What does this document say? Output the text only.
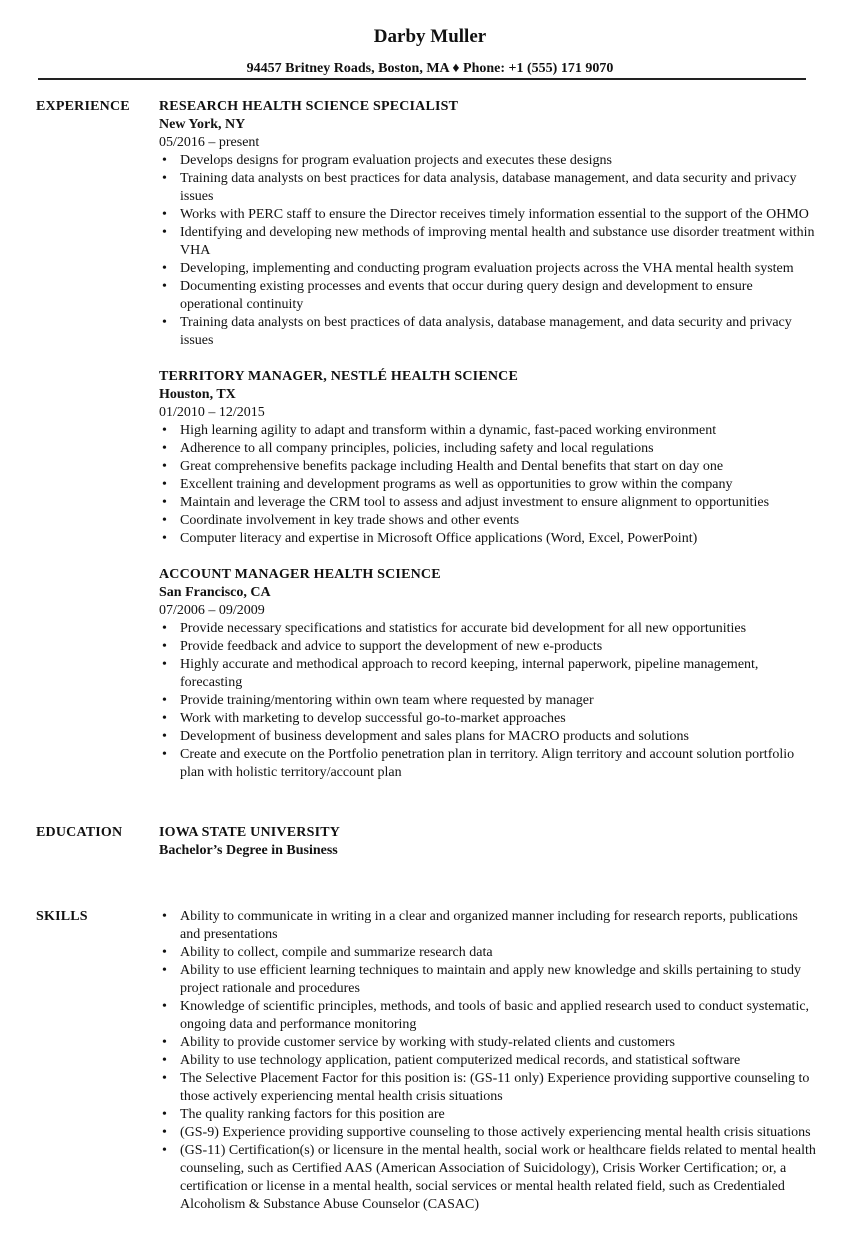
Darby Muller
94457 Britney Roads, Boston, MA ♦ Phone: +1 (555) 171 9070
EXPERIENCE	RESEARCH HEALTH SCIENCE SPECIALIST
New York, NY
05/2016 – present
• Develops designs for program evaluation projects and executes these designs
• Training data analysts on best practices for data analysis, database management, and data security and privacy issues
• Works with PERC staff to ensure the Director receives timely information essential to the support of the OHMO
• Identifying and developing new methods of improving mental health and substance use disorder treatment within VHA
• Developing, implementing and conducting program evaluation projects across the VHA mental health system
• Documenting existing processes and events that occur during query design and development to ensure operational continuity
• Training data analysts on best practices of data analysis, database management, and data security and privacy issues
TERRITORY MANAGER, NESTLÉ HEALTH SCIENCE
Houston, TX
01/2010 – 12/2015
• High learning agility to adapt and transform within a dynamic, fast-paced working environment
• Adherence to all company principles, policies, including safety and local regulations
• Great comprehensive benefits package including Health and Dental benefits that start on day one
• Excellent training and development programs as well as opportunities to grow within the company
• Maintain and leverage the CRM tool to assess and adjust investment to ensure alignment to opportunities
• Coordinate involvement in key trade shows and other events
• Computer literacy and expertise in Microsoft Office applications (Word, Excel, PowerPoint)
ACCOUNT MANAGER HEALTH SCIENCE
San Francisco, CA
07/2006 – 09/2009
• Provide necessary specifications and statistics for accurate bid development for all new opportunities
• Provide feedback and advice to support the development of new e-products
• Highly accurate and methodical approach to record keeping, internal paperwork, pipeline management, forecasting
• Provide training/mentoring within own team where requested by manager
• Work with marketing to develop successful go-to-market approaches
• Development of business development and sales plans for MACRO products and solutions
• Create and execute on the Portfolio penetration plan in territory. Align territory and account solution portfolio plan with holistic territory/account plan
EDUCATION	IOWA STATE UNIVERSITY
Bachelor’s Degree in Business
SKILLS
•	Ability to communicate in writing in a clear and organized manner including for research reports, publications and presentations
• Ability to collect, compile and summarize research data
• Ability to use efficient learning techniques to maintain and apply new knowledge and skills pertaining to study project rationale and procedures
• Knowledge of scientific principles, methods, and tools of basic and applied research used to conduct systematic, ongoing data and performance monitoring
• Ability to provide customer service by working with study-related clients and customers
• Ability to use technology application, patient computerized medical records, and statistical software
• The Selective Placement Factor for this position is: (GS-11 only) Experience providing supportive counseling to those actively experiencing mental health crisis situations
• The quality ranking factors for this position are
• (GS-9) Experience providing supportive counseling to those actively experiencing mental health crisis situations
• (GS-11) Certification(s) or licensure in the mental health, social work or healthcare fields related to mental health counseling, such as Certified AAS (American Association of Suicidology), Crisis Worker Certification; or, a certification or license in a mental health, social services or mental health related field, such as Credentialed Alcoholism & Substance Abuse Counselor (CASAC)
